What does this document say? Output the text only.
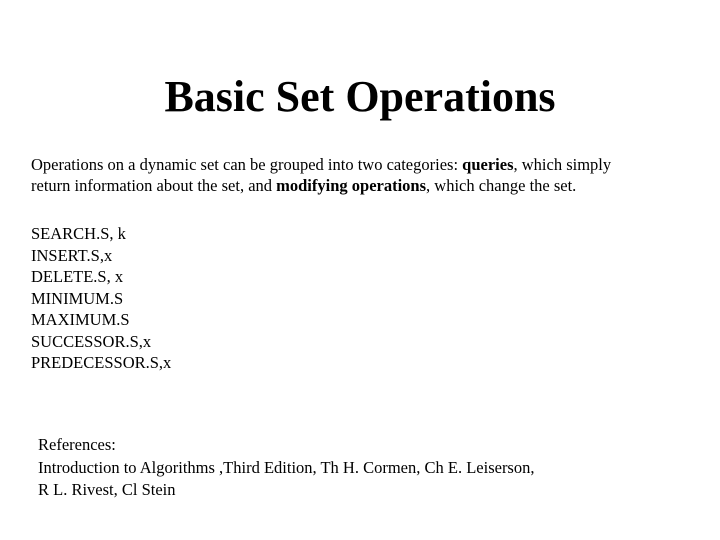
Basic Set Operations

Operations on a dynamic set can be grouped into two categories: queries, which simply return information about the set, and modifying operations, which change the set.

SEARCH.S, k
INSERT.S,x
DELETE.S, x
MINIMUM.S
MAXIMUM.S
SUCCESSOR.S,x
PREDECESSOR.S,x
References:
Introduction to Algorithms ,Third Edition, Th H. Cormen, Ch E. Leiserson,
R L. Rivest, Cl Stein
